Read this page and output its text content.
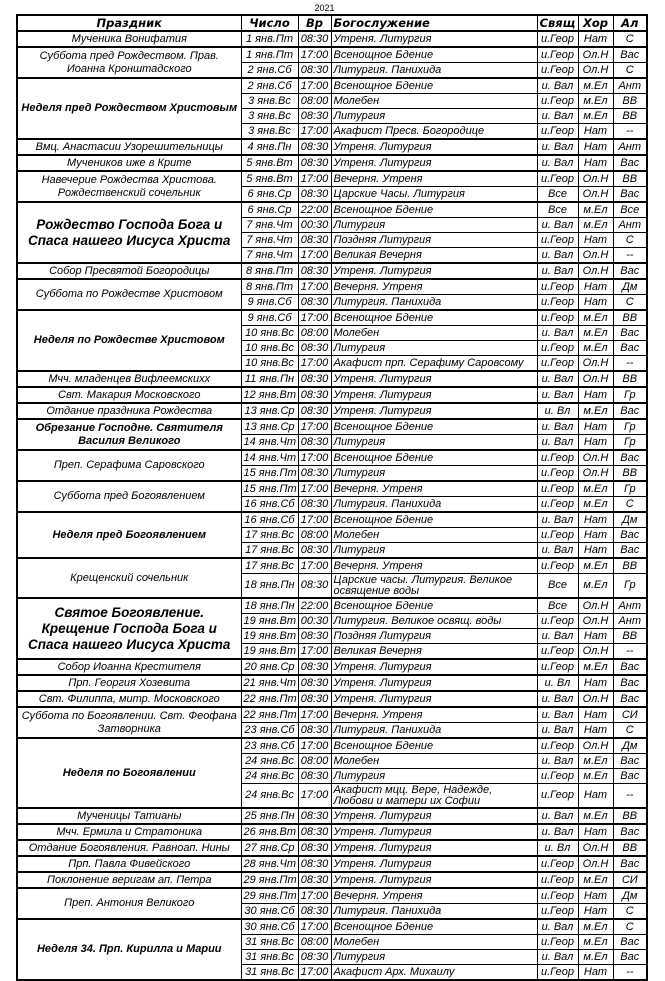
2021
Праздник	Число	Вр	Богослужение	Свящ	Хор	Ал
Мученика Вонифатия	1 янв.Пт	08:30	Утреня. Литургия	и.Геор	Нат	С
Суббота пред Рождеством. Прав. Иоанна Кронштадского	1 янв.Пт	17:00	Всенощное Бдение	и.Геор	Ол.Н	Вас
	2 янв.Сб	08:30	Литургия. Панихида	и.Геор	Ол.Н	С
Неделя пред Рождеством Христовым	2 янв.Сб	17:00	Всенощное Бдение	и. Вал	м.Ел	Ант
	3 янв.Вс	08:00	Молебен	и.Геор	м.Ел	ВВ
	3 янв.Вс	08:30	Литургия	и. Вал	м.Ел	ВВ
	3 янв.Вс	17:00	Акафист Пресв. Богородице	и.Геор	Нат	--
Вмц. Анастасии Узорешительницы	4 янв.Пн	08:30	Утреня. Литургия	и. Вал	Нат	Ант
Мучеников иже в Крите	5 янв.Вт	08:30	Утреня. Литургия	и. Вал	Нат	Вас
Навечерие Рождества Христова. Рождественский сочельник	5 янв.Вт	17:00	Вечерня. Утреня	и.Геор	Ол.Н	ВВ
	6 янв.Ср	08:30	Царские Часы. Литургия	Все	Ол.Н	Вас
Рождество Господа Бога и Спаса нашего Иисуса Христа	6 янв.Ср	22:00	Всенощное Бдение	Все	м.Ел	Все
	7 янв.Чт	00:30	Литургия	и. Вал	м.Ел	Ант
	7 янв.Чт	08:30	Поздняя Литургия	и.Геор	Нат	С
	7 янв.Чт	17:00	Великая Вечерня	и. Вал	Ол.Н	--
Собор Пресвятой Богородицы	8 янв.Пт	08:30	Утреня. Литургия	и. Вал	Ол.Н	Вас
Суббота по Рождестве Христовом	8 янв.Пт	17:00	Вечерня. Утреня	и.Геор	Нат	Дм
	9 янв.Сб	08:30	Литургия. Панихида	и.Геор	Нат	С
Неделя по Рождестве Христовом	9 янв.Сб	17:00	Всенощное Бдение	и.Геор	м.Ел	ВВ
	10 янв.Вс	08:00	Молебен	и. Вал	м.Ел	Вас
	10 янв.Вс	08:30	Литургия	и.Геор	м.Ел	Вас
	10 янв.Вс	17:00	Акафист прп. Серафиму Саровсому	и.Геор	Ол.Н	--
Мчч. младенцев Вифлеемскихх	11 янв.Пн	08:30	Утреня. Литургия	и. Вал	Ол.Н	ВВ
Свт. Макария Московского	12 янв.Вт	08:30	Утреня. Литургия	и. Вал	Нат	Гр
Отдание праздника Рождества	13 янв.Ср	08:30	Утреня. Литургия	и. Вл	м.Ел	Вас
Обрезание Господне. Святителя Василия Великого	13 янв.Ср	17:00	Всенощное Бдение	и. Вал	Нат	Гр
	14 янв.Чт	08:30	Литургия	и. Вал	Нат	Гр
Преп. Серафима Саровского	14 янв.Чт	17:00	Всенощное Бдение	и.Геор	Ол.Н	Вас
	15 янв.Пт	08:30	Литургия	и.Геор	Ол.Н	ВВ
Суббота пред Богоявлением	15 янв.Пт	17:00	Вечерня. Утреня	и.Геор	м.Ел	Гр
	16 янв.Сб	08:30	Литургия. Панихида	и.Геор	м.Ел	С
Неделя пред Богоявлением	16 янв.Сб	17:00	Всенощное Бдение	и. Вал	Нат	Дм
	17 янв.Вс	08:00	Молебен	и.Геор	Нат	Вас
	17 янв.Вс	08:30	Литургия	и. Вал	Нат	Вас
Крещенский сочельник	17 янв.Вс	17:00	Вечерня. Утреня	и.Геор	м.Ел	ВВ
	18 янв.Пн	08:30	Царские часы. Литургия. Великое освящение воды	Все	м.Ел	Гр
Святое Богоявление. Крещение Господа Бога и Спаса нашего Иисуса Христа	18 янв.Пн	22:00	Всенощное Бдение	Все	Ол.Н	Ант
	19 янв.Вт	00:30	Литургия. Великое освящ. воды	и.Геор	Ол.Н	Ант
	19 янв.Вт	08:30	Поздняя Литургия	и. Вал	Нат	ВВ
	19 янв.Вт	17:00	Великая Вечерня	и.Геор	Ол.Н	--
Собор Иоанна Крестителя	20 янв.Ср	08:30	Утреня. Литургия	и.Геор	м.Ел	Вас
Прп. Георгия Хозевита	21 янв.Чт	08:30	Утреня. Литургия	и. Вл	Нат	Вас
Свт. Филиппа, митр. Московского	22 янв.Пт	08:30	Утреня. Литургия	и. Вал	Ол.Н	Вас
Суббота по Богоявлении. Свт. Феофана Затворника	22 янв.Пт	17:00	Вечерня. Утреня	и. Вал	Нат	СИ
	23 янв.Сб	08:30	Литургия. Панихида	и. Вал	Нат	С
Неделя по Богоявлении	23 янв.Сб	17:00	Всенощное Бдение	и.Геор	Ол.Н	Дм
	24 янв.Вс	08:00	Молебен	и. Вал	м.Ел	Вас
	24 янв.Вс	08:30	Литургия	и.Геор	м.Ел	Вас
	24 янв.Вс	17:00	Акафист мцц. Вере, Надежде, Любови и матери их Софии	и.Геор	Нат	--
Мученицы Татианы	25 янв.Пн	08:30	Утреня. Литургия	и. Вал	м.Ел	ВВ
Мчч. Ермила и Стратоника	26 янв.Вт	08:30	Утреня. Литургия	и. Вал	Нат	Вас
Отдание Богоявления. Равноап. Нины	27 янв.Ср	08:30	Утреня. Литургия	и. Вл	Ол.Н	ВВ
Прп. Павла Фивейского	28 янв.Чт	08:30	Утреня. Литургия	и.Геор	Ол.Н	Вас
Поклонение веригам ап. Петра	29 янв.Пт	08:30	Утреня. Литургия	и.Геор	м.Ел	СИ
Преп. Антония Великого	29 янв.Пт	17:00	Вечерня. Утреня	и.Геор	Нат	Дм
	30 янв.Сб	08:30	Литургия. Панихида	и.Геор	Нат	С
Неделя 34. Прп. Кирилла и Марии	30 янв.Сб	17:00	Всенощное Бдение	и. Вал	м.Ел	С
	31 янв.Вс	08:00	Молебен	и.Геор	м.Ел	Вас
	31 янв.Вс	08:30	Литургия	и. Вал	м.Ел	Вас
	31 янв.Вс	17:00	Акафист Арх. Михаилу	и.Геор	Нат	--
